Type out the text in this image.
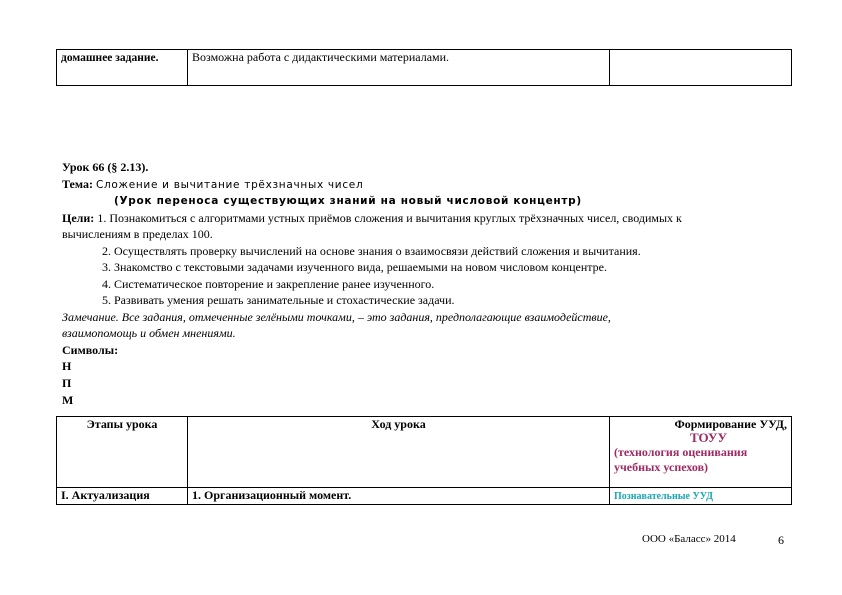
домашнее задание.	Возможна работа с дидактическими материалами.	
Урок 66 (§ 2.13).
Тема: Сложение и вычитание трёхзначных чисел
(Урок переноса существующих знаний на новый числовой концентр)
Цели: 1. Познакомиться с алгоритмами устных приёмов сложения и вычитания круглых трёхзначных чисел, сводимых к
вычислениям в пределах 100.
2. Осуществлять проверку вычислений на основе знания о взаимосвязи действий сложения и вычитания.
3. Знакомство с текстовыми задачами изученного вида, решаемыми на новом числовом концентре.
4. Систематическое повторение и закрепление ранее изученного.
5. Развивать умения решать занимательные и стохастические задачи.
Замечание. Все задания, отмеченные зелёными точками, – это задания, предполагающие взаимодействие,
взаимопомощь и обмен мнениями.
Символы:
Н
П
М
Этапы урока	Ход урока	Формирование УУД,
ТОУУ
(технология оценивания учебных успехов)

I. Актуализация	1. Организационный момент.	Познавательные УУД
ООО «Баласс» 2014	6
